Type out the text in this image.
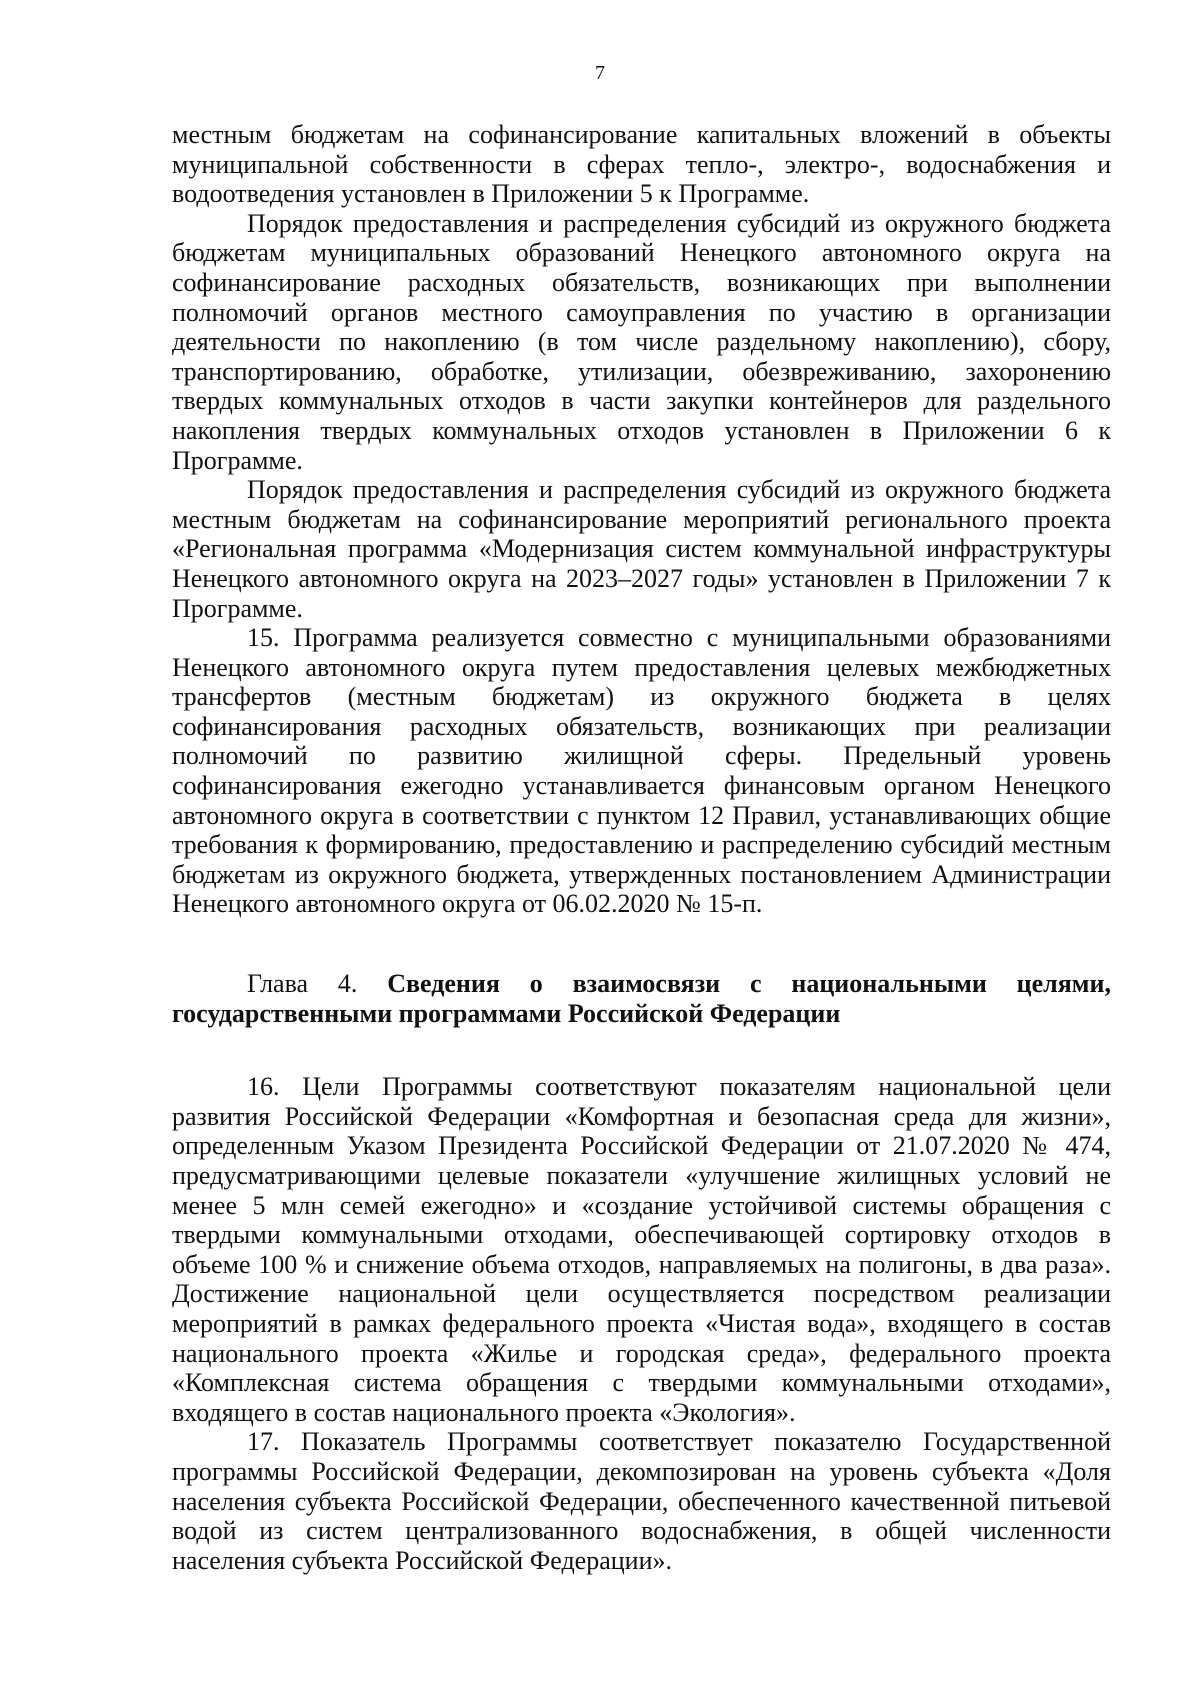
7

местным бюджетам на софинансирование капитальных вложений в объекты муниципальной собственности в сферах тепло-, электро-, водоснабжения и водоотведения установлен в Приложении 5 к Программе.

Порядок предоставления и распределения субсидий из окружного бюджета бюджетам муниципальных образований Ненецкого автономного округа на софинансирование расходных обязательств, возникающих при выполнении полномочий органов местного самоуправления по участию в организации деятельности по накоплению (в том числе раздельному накоплению), сбору, транспортированию, обработке, утилизации, обезвреживанию, захоронению твердых коммунальных отходов в части закупки контейнеров для раздельного накопления твердых коммунальных отходов установлен в Приложении 6 к Программе.

Порядок предоставления и распределения субсидий из окружного бюджета местным бюджетам на софинансирование мероприятий регионального проекта «Региональная программа «Модернизация систем коммунальной инфраструктуры Ненецкого автономного округа на 2023–2027 годы» установлен в Приложении 7 к Программе.

15. Программа реализуется совместно с муниципальными образованиями Ненецкого автономного округа путем предоставления целевых межбюджетных трансфертов (местным бюджетам) из окружного бюджета в целях софинансирования расходных обязательств, возникающих при реализации полномочий по развитию жилищной сферы. Предельный уровень софинансирования ежегодно устанавливается финансовым органом Ненецкого автономного округа в соответствии с пунктом 12 Правил, устанавливающих общие требования к формированию, предоставлению и распределению субсидий местным бюджетам из окружного бюджета, утвержденных постановлением Администрации Ненецкого автономного округа от 06.02.2020 № 15-п.

Глава 4. Сведения о взаимосвязи с национальными целями, государственными программами Российской Федерации

16. Цели Программы соответствуют показателям национальной цели развития Российской Федерации «Комфортная и безопасная среда для жизни», определенным Указом Президента Российской Федерации от 21.07.2020 № 474, предусматривающими целевые показатели «улучшение жилищных условий не менее 5 млн семей ежегодно» и «создание устойчивой системы обращения с твердыми коммунальными отходами, обеспечивающей сортировку отходов в объеме 100 % и снижение объема отходов, направляемых на полигоны, в два раза». Достижение национальной цели осуществляется посредством реализации мероприятий в рамках федерального проекта «Чистая вода», входящего в состав национального проекта «Жилье и городская среда», федерального проекта «Комплексная система обращения с твердыми коммунальными отходами», входящего в состав национального проекта «Экология».

17. Показатель Программы соответствует показателю Государственной программы Российской Федерации, декомпозирован на уровень субъекта «Доля населения субъекта Российской Федерации, обеспеченного качественной питьевой водой из систем централизованного водоснабжения, в общей численности населения субъекта Российской Федерации».
